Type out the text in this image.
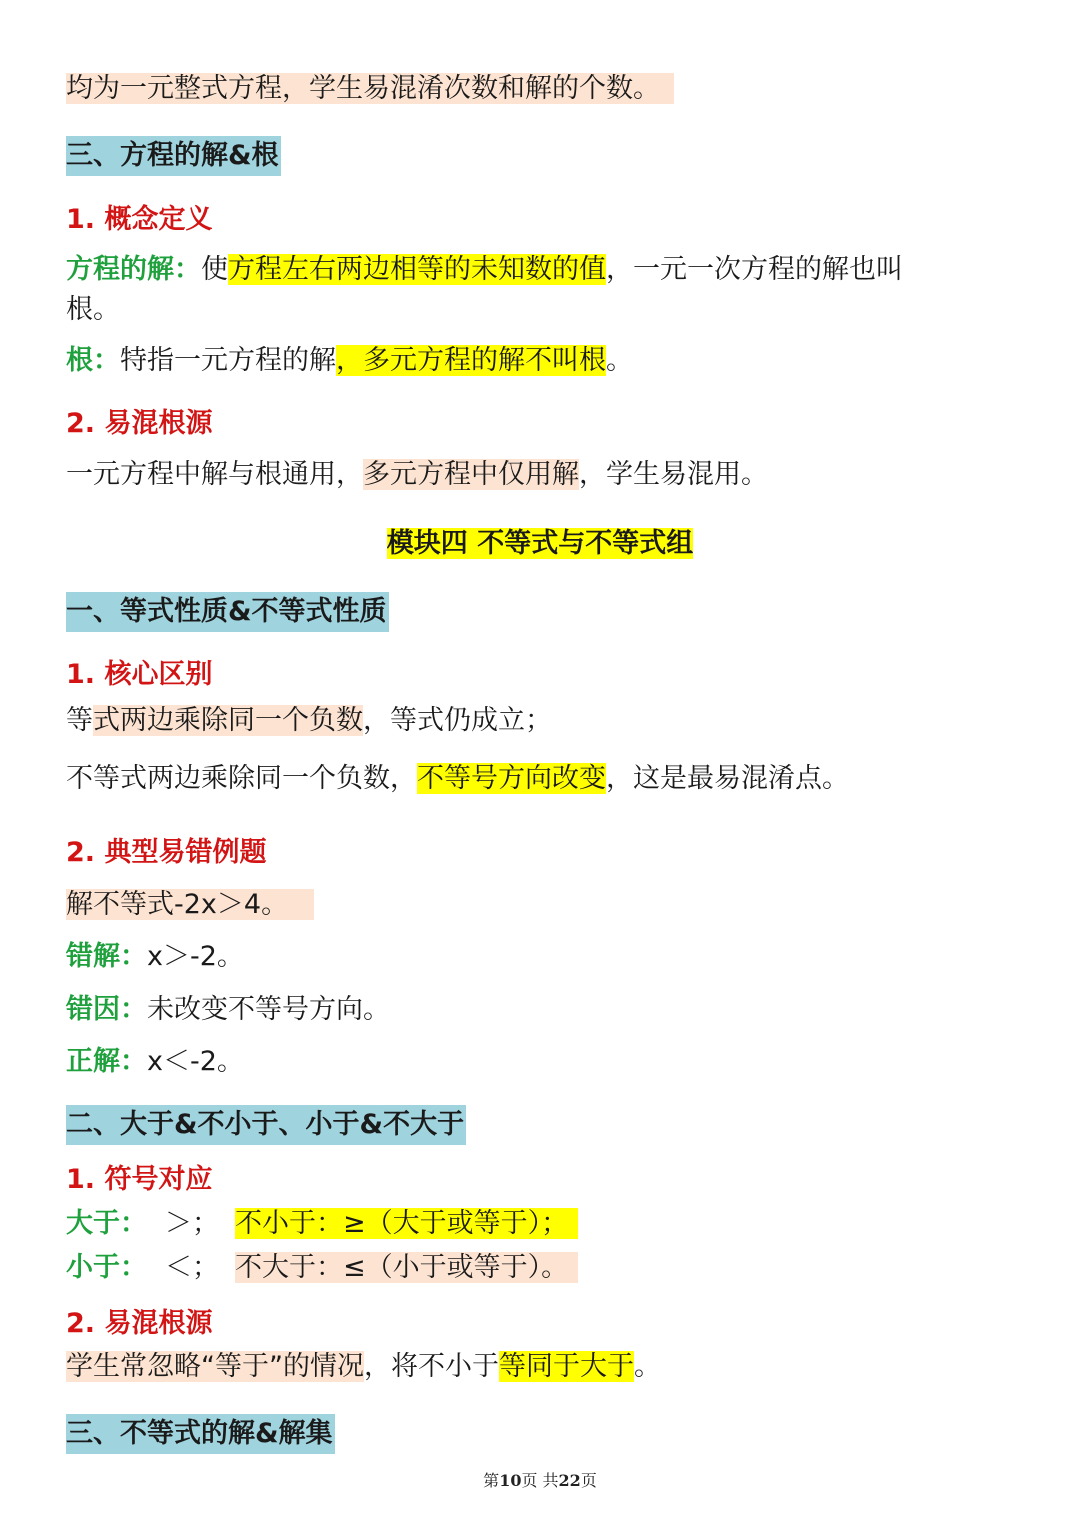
均为一元整式方程，学生易混淆次数和解的个数。
三、方程的解&根
1. 概念定义
方程的解：使方程左右两边相等的未知数的值，一元一次方程的解也叫
根。
根：特指一元方程的解，多元方程的解不叫根。
2. 易混根源
一元方程中解与根通用，多元方程中仅用解，学生易混用。
模块四 不等式与不等式组
一、等式性质&不等式性质
1. 核心区别
等式两边乘除同一个负数，等式仍成立；
不等式两边乘除同一个负数，不等号方向改变，这是最易混淆点。
2. 典型易错例题
解不等式-2x＞4。
错解：x＞-2。
错因：未改变不等号方向。
正解：x＜-2。
二、大于&不小于、小于&不大于
1. 符号对应
大于： ＞； 不小于：≥（大于或等于）；
小于： ＜； 不大于：≤（小于或等于）。
2. 易混根源
学生常忽略“等于”的情况，将不小于等同于大于。
三、不等式的解&解集
第10页 共22页
